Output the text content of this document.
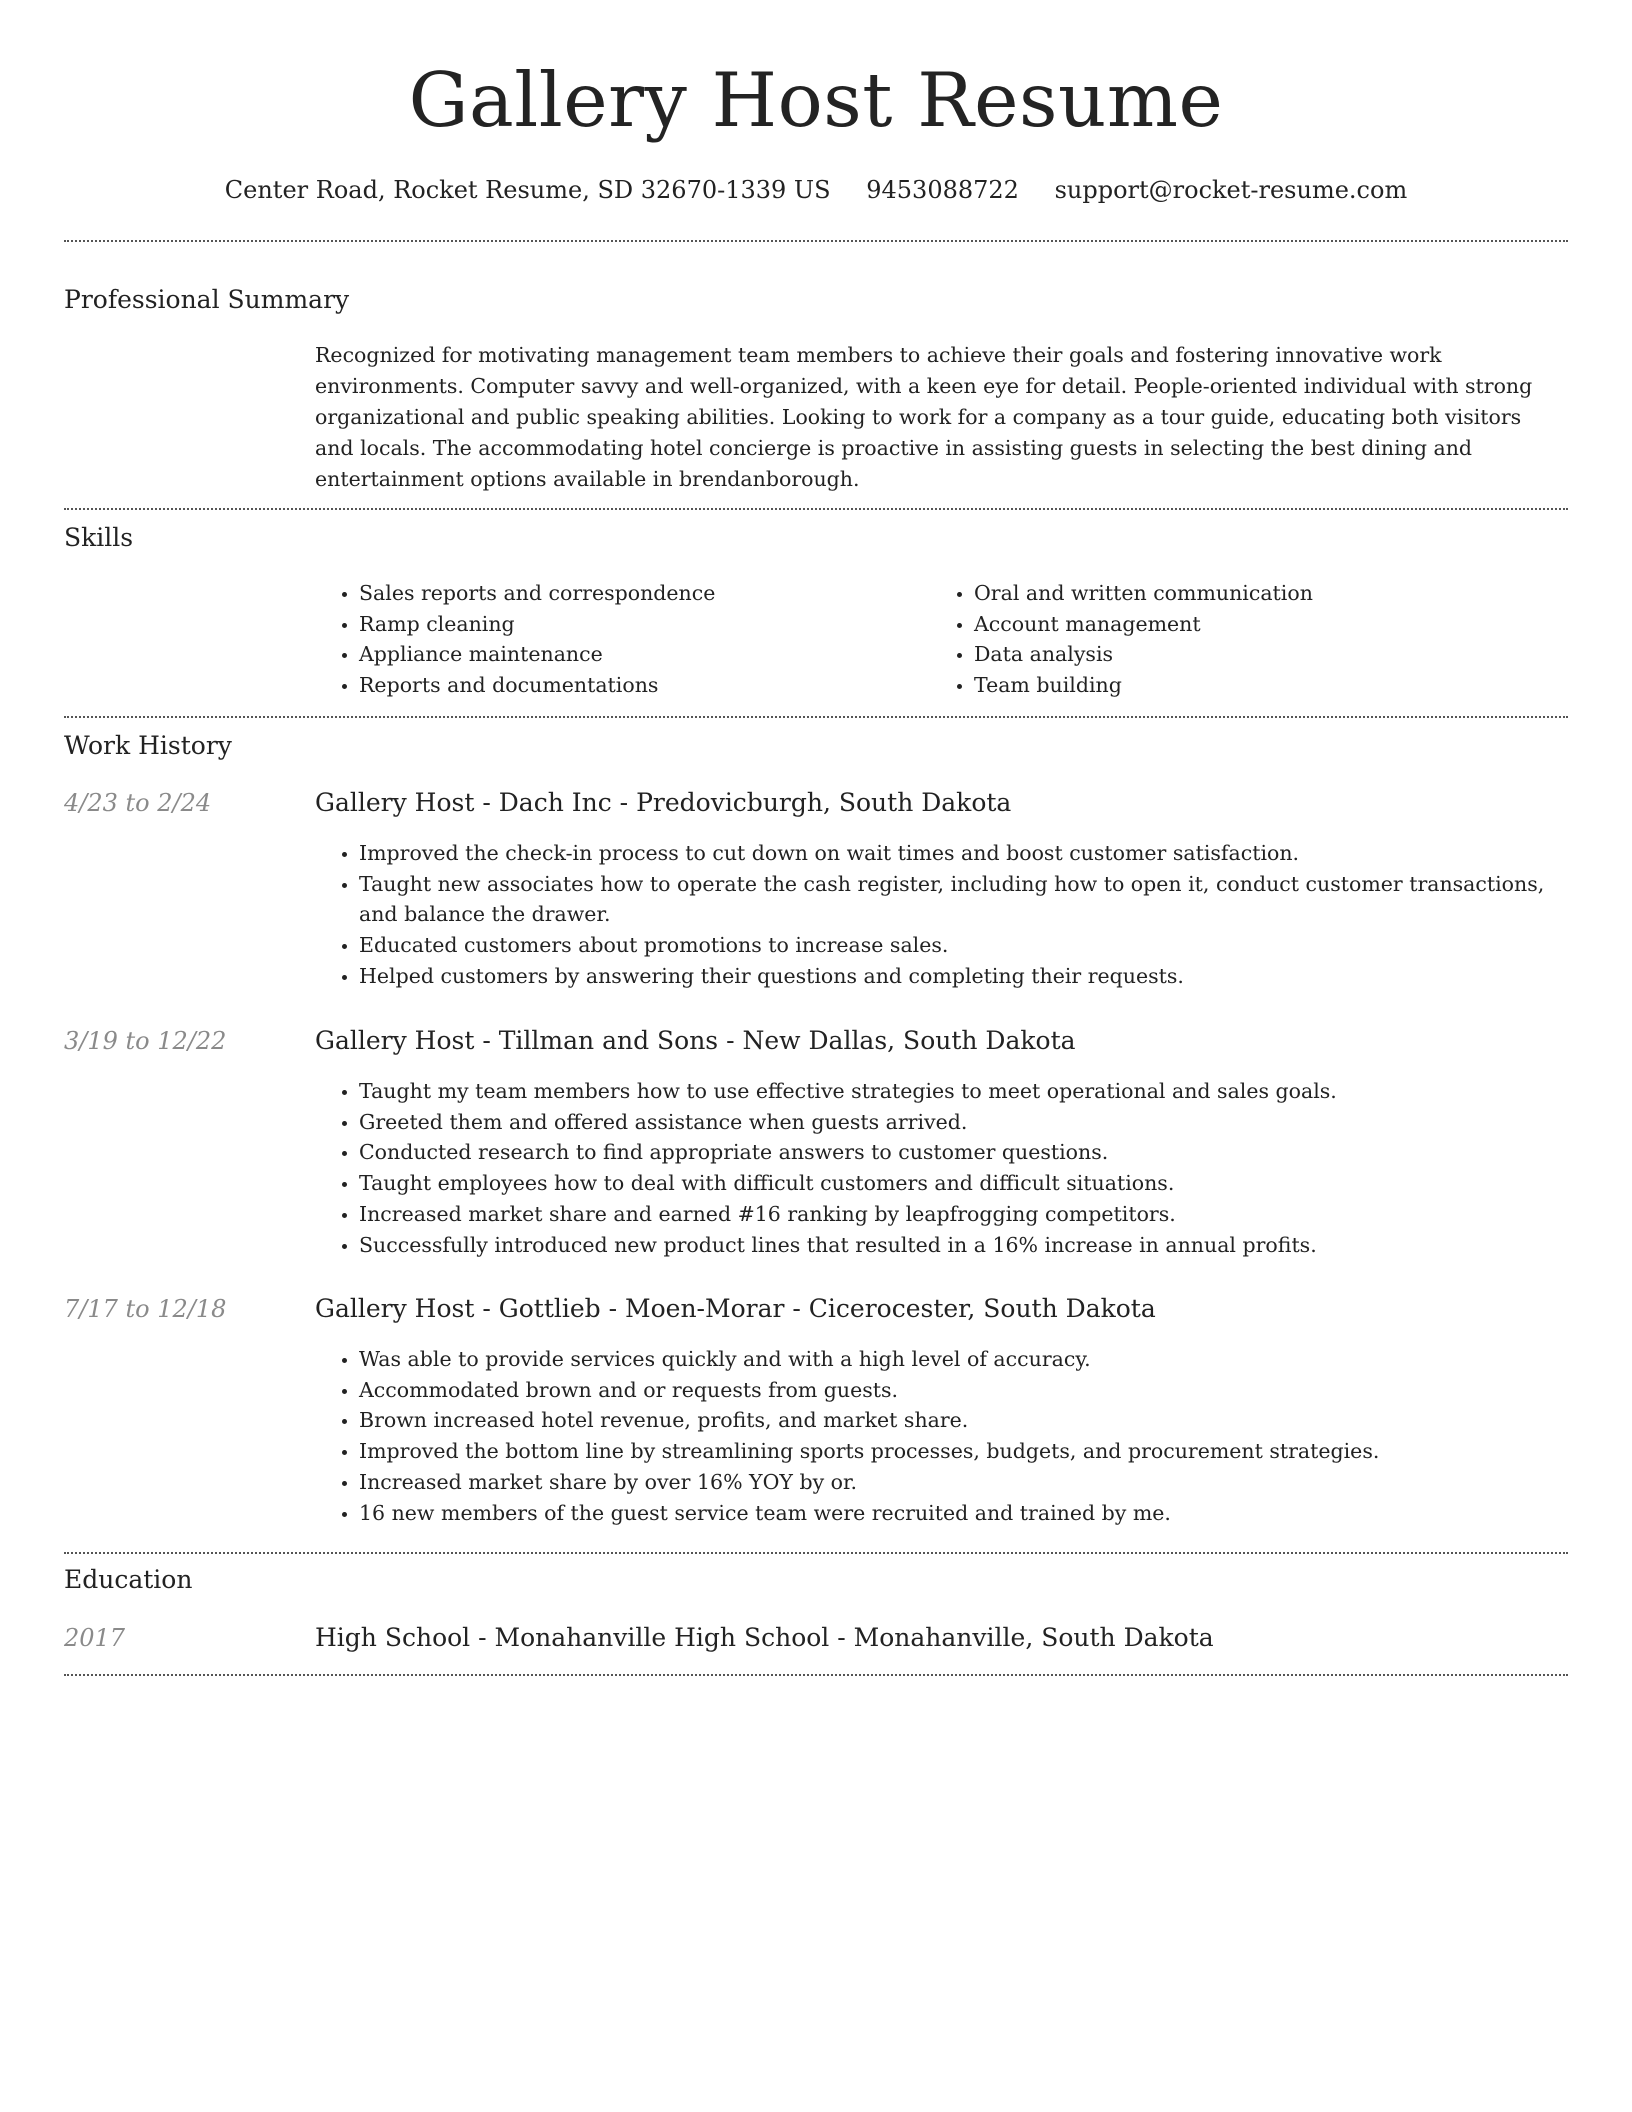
Gallery Host Resume
Center Road, Rocket Resume, SD 32670-1339 US 9453088722 support@rocket-resume.com
Professional Summary
Recognized for motivating management team members to achieve their goals and fostering innovative work environments. Computer savvy and well-organized, with a keen eye for detail. People-oriented individual with strong organizational and public speaking abilities. Looking to work for a company as a tour guide, educating both visitors and locals. The accommodating hotel concierge is proactive in assisting guests in selecting the best dining and entertainment options available in brendanborough.
Skills
• Sales reports and correspondence
• Ramp cleaning
• Appliance maintenance
• Reports and documentations
• Oral and written communication
• Account management
• Data analysis
• Team building
Work History
4/23 to 2/24	Gallery Host - Dach Inc - Predovicburgh, South Dakota
• Improved the check-in process to cut down on wait times and boost customer satisfaction.
• Taught new associates how to operate the cash register, including how to open it, conduct customer transactions, and balance the drawer.
• Educated customers about promotions to increase sales.
• Helped customers by answering their questions and completing their requests.
3/19 to 12/22	Gallery Host - Tillman and Sons - New Dallas, South Dakota
• Taught my team members how to use effective strategies to meet operational and sales goals.
• Greeted them and offered assistance when guests arrived.
• Conducted research to find appropriate answers to customer questions.
• Taught employees how to deal with difficult customers and difficult situations.
• Increased market share and earned #16 ranking by leapfrogging competitors.
• Successfully introduced new product lines that resulted in a 16% increase in annual profits.
7/17 to 12/18	Gallery Host - Gottlieb - Moen-Morar - Cicerocester, South Dakota
• Was able to provide services quickly and with a high level of accuracy.
• Accommodated brown and or requests from guests.
• Brown increased hotel revenue, profits, and market share.
• Improved the bottom line by streamlining sports processes, budgets, and procurement strategies.
• Increased market share by over 16% YOY by or.
• 16 new members of the guest service team were recruited and trained by me.
Education
2017	High School - Monahanville High School - Monahanville, South Dakota
